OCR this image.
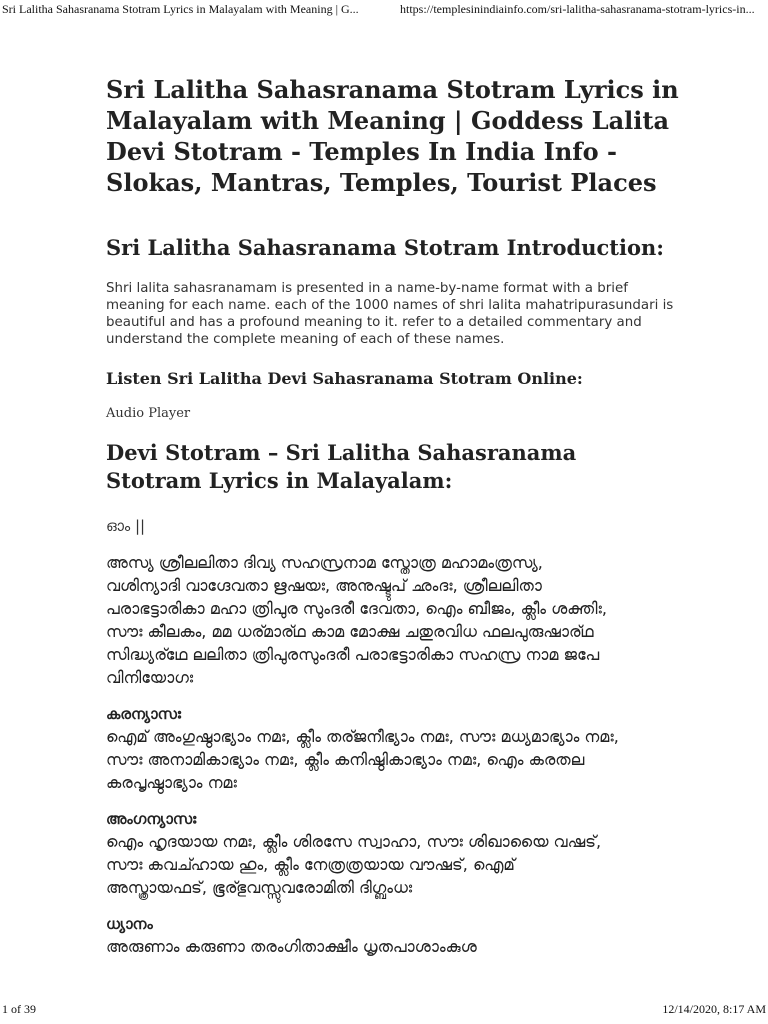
Sri Lalitha Sahasranama Stotram Lyrics in Malayalam with Meaning | G...	https://templesinindiainfo.com/sri-lalitha-sahasranama-stotram-lyrics-in...
Sri Lalitha Sahasranama Stotram Lyrics in
Malayalam with Meaning | Goddess Lalita
Devi Stotram - Temples In India Info -
Slokas, Mantras, Temples, Tourist Places
Sri Lalitha Sahasranama Stotram Introduction:

Shri lalita sahasranamam is presented in a name-by-name format with a brief
meaning for each name. each of the 1000 names of shri lalita mahatripurasundari is
beautiful and has a profound meaning to it. refer to a detailed commentary and
understand the complete meaning of each of these names.

Listen Sri Lalitha Devi Sahasranama Stotram Online:
Audio Player
Devi Stotram – Sri Lalitha Sahasranama
Stotram Lyrics in Malayalam:
ഓം ||
അസ്യ ശ്രീലലിതാ ദിവ്യ സഹസ്രനാമ സ്തോത്ര മഹാമംത്രസ്യ,
വശിന്യാദി വാഗ്ദേവതാ ഋഷയഃ, അനുഷ്ടുപ് ഛംദഃ, ശ്രീലലിതാ
പരാഭട്ടാരികാ മഹാ ത്രിപുര സുംദരീ ദേവതാ, ഐം ബീജം, ക്ലീം ശക്തിഃ,
സൗഃ കീലകം, മമ ധര്മാര്ഥ കാമ മോക്ഷ ചതുരവിധ ഫലപുരുഷാര്ഥ
സിദ്ധ്യര്ഥേ ലലിതാ ത്രിപുരസുംദരീ പരാഭട്ടാരികാ സഹസ്ര നാമ ജപേ
വിനിയോഗഃ
കരന്യാസഃ
ഐമ് അംഗുഷ്ഠാഭ്യാം നമഃ, ക്ലീം തര്ജനീഭ്യാം നമഃ, സൗഃ മധ്യമാഭ്യാം നമഃ,
സൗഃ അനാമികാഭ്യാം നമഃ, ക്ലീം കനിഷ്ഠികാഭ്യാം നമഃ, ഐം കരതല
കരപൃഷ്ഠാഭ്യാം നമഃ
അംഗന്യാസഃ
ഐം ഹൃദയായ നമഃ, ക്ലീം ശിരസേ സ്വാഹാ, സൗഃ ശിഖായൈ വഷട്,
സൗഃ കവച്ഹായ ഹും, ക്ലീം നേത്രത്രയായ വൗഷട്, ഐമ്
അസ്ത്രായഫട്, ഭൂര്ഭുവസ്സുവരോമിതി ദിഗ്ബംധഃ
ധ്യാനം
അരുണാം കരുണാ തരംഗിതാക്ഷീം ധൃതപാശാംകുശ
1 of 39	12/14/2020, 8:17 AM
